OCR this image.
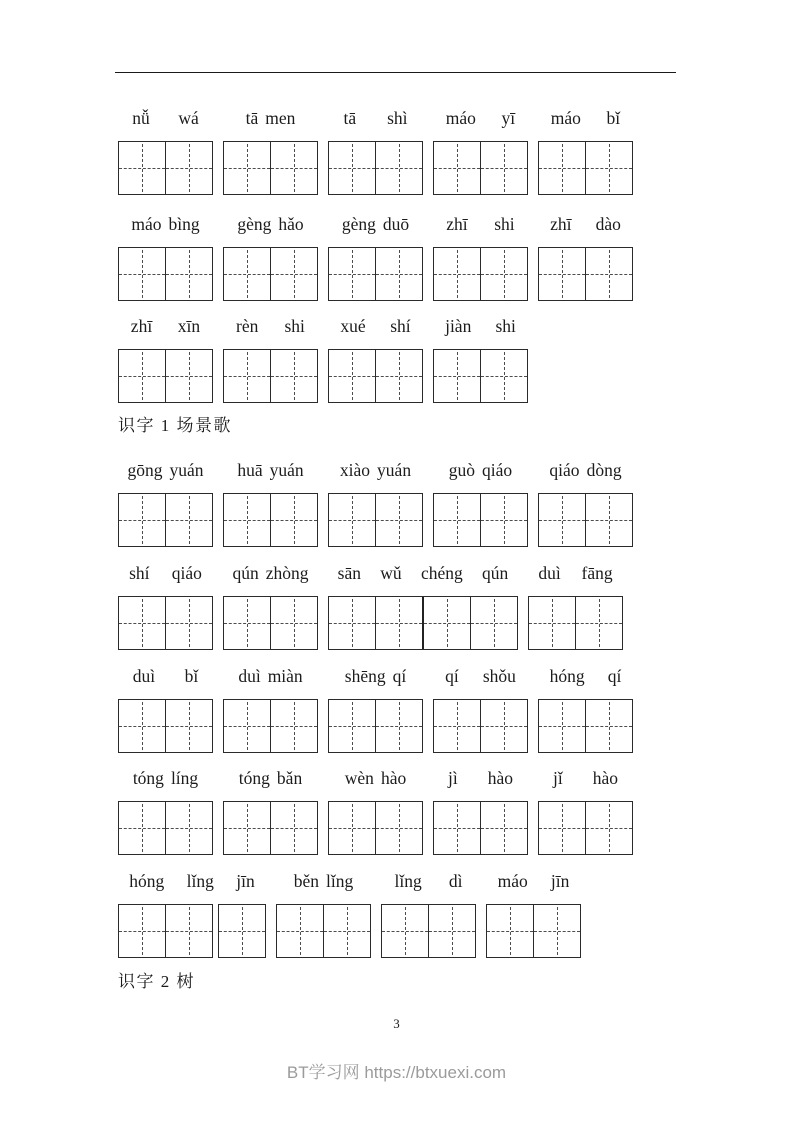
nǚ wá	tā men	tā shì máo yī máo bǐ
máo bìng gèng hǎo gèng duō zhī shi zhī dào
zhī xīn rèn shi xué shí jiàn shi
识字 1 场景歌
gōng yuán huā yuán xiào yuán guò qiáo qiáo dòng
shí qiáo qún zhòng sān wǔ chéng qún duì fāng
duì bǐ duì miàn shēng qí qí shǒu hóng qí
tóng líng tóng bǎn wèn hào jì hào jǐ hào
hóng lǐng jīn běn lǐng lǐng dì máo jīn
识字 2 树
3
BT学习网 https://btxuexi.com
